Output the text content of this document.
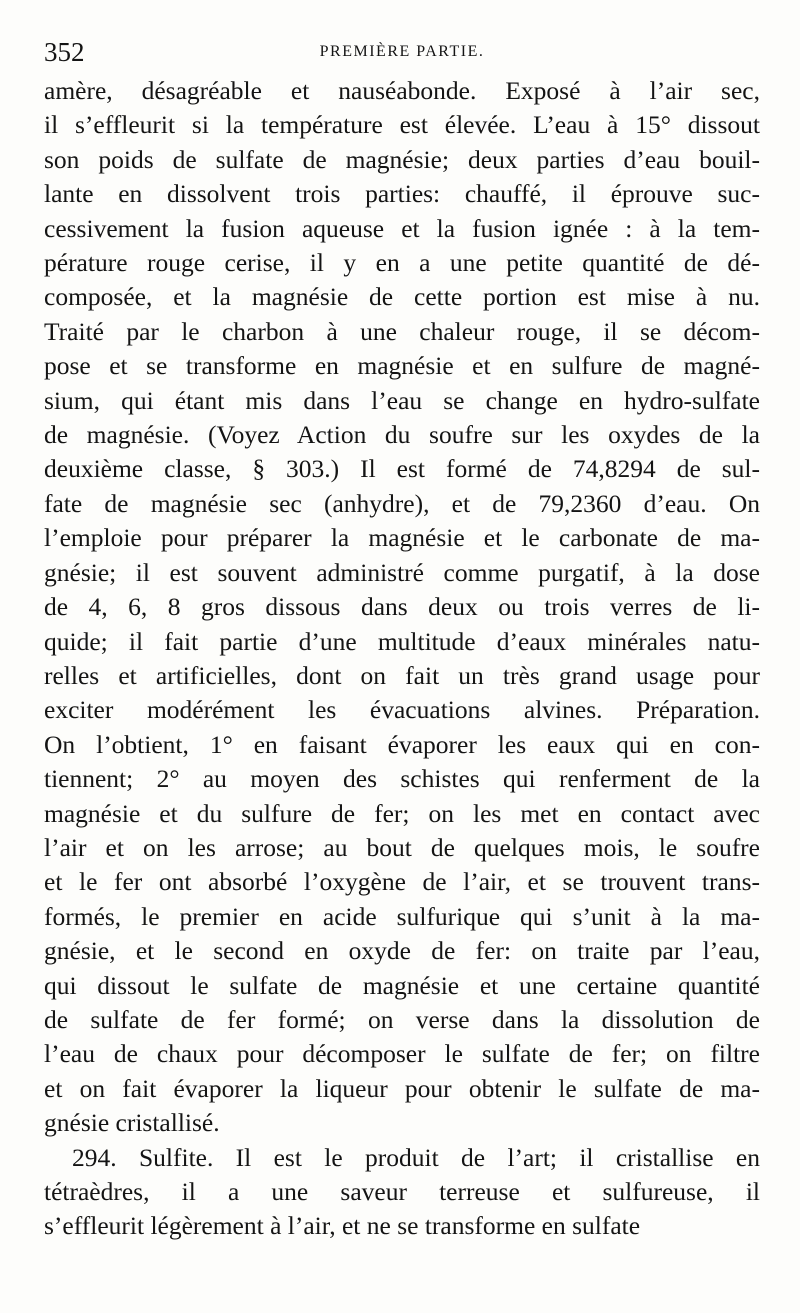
352	PREMIÈRE PARTIE.
amère, désagréable et nauséabonde. Exposé à l’air sec,
il s’effleurit si la température est élevée. L’eau à 15° dissout
son poids de sulfate de magnésie; deux parties d’eau bouil-
lante en dissolvent trois parties: chauffé, il éprouve suc-
cessivement la fusion aqueuse et la fusion ignée : à la tem-
pérature rouge cerise, il y en a une petite quantité de dé-
composée, et la magnésie de cette portion est mise à nu.
Traité par le charbon à une chaleur rouge, il se décom-
pose et se transforme en magnésie et en sulfure de magné-
sium, qui étant mis dans l’eau se change en hydro-sulfate
de magnésie. (Voyez Action du soufre sur les oxydes de la
deuxième classe, § 303.) Il est formé de 74,8294 de sul-
fate de magnésie sec (anhydre), et de 79,2360 d’eau. On
l’emploie pour préparer la magnésie et le carbonate de ma-
gnésie; il est souvent administré comme purgatif, à la dose
de 4, 6, 8 gros dissous dans deux ou trois verres de li-
quide; il fait partie d’une multitude d’eaux minérales natu-
relles et artificielles, dont on fait un très grand usage pour
exciter modérément les évacuations alvines. Préparation.
On l’obtient, 1° en faisant évaporer les eaux qui en con-
tiennent; 2° au moyen des schistes qui renferment de la
magnésie et du sulfure de fer; on les met en contact avec
l’air et on les arrose; au bout de quelques mois, le soufre
et le fer ont absorbé l’oxygène de l’air, et se trouvent trans-
formés, le premier en acide sulfurique qui s’unit à la ma-
gnésie, et le second en oxyde de fer: on traite par l’eau,
qui dissout le sulfate de magnésie et une certaine quantité
de sulfate de fer formé; on verse dans la dissolution de
l’eau de chaux pour décomposer le sulfate de fer; on filtre
et on fait évaporer la liqueur pour obtenir le sulfate de ma-
gnésie cristallisé.
294. Sulfite. Il est le produit de l’art; il cristallise en
tétraèdres, il a une saveur terreuse et sulfureuse, il
s’effleurit légèrement à l’air, et ne se transforme en sulfate
